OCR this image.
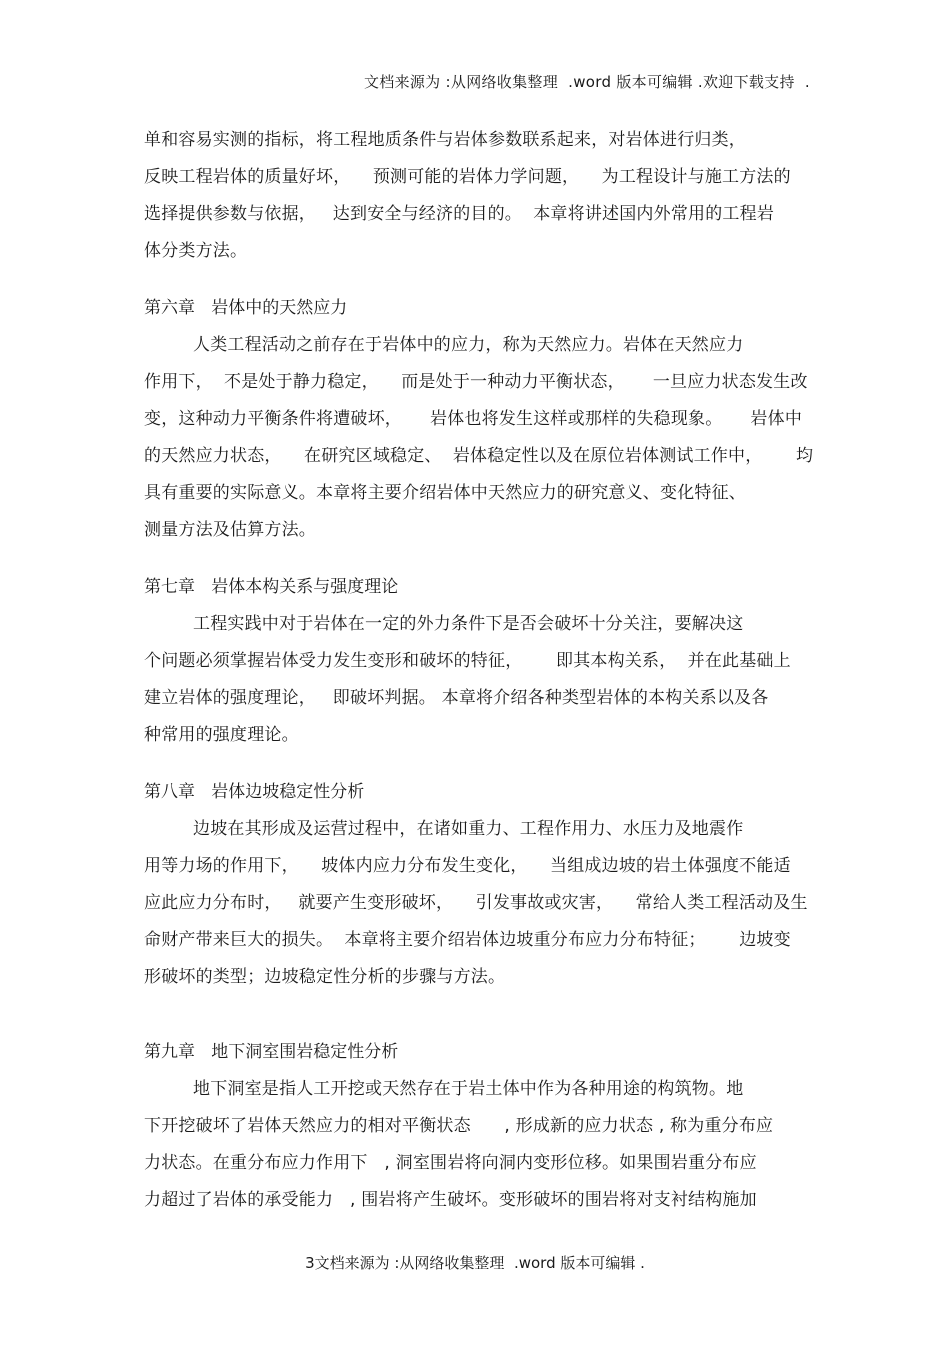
文档来源为 :从网络收集整理  .word 版本可编辑 .欢迎下载支持  .
单和容易实测的指标，将工程地质条件与岩体参数联系起来，对岩体进行归类，
反映工程岩体的质量好坏，    预测可能的岩体力学问题，    为工程设计与施工方法的
选择提供参数与依据，   达到安全与经济的目的。  本章将讲述国内外常用的工程岩
体分类方法。
第六章   岩体中的天然应力
人类工程活动之前存在于岩体中的应力，称为天然应力。岩体在天然应力
作用下，  不是处于静力稳定，    而是处于一种动力平衡状态，     一旦应力状态发生改
变，这种动力平衡条件将遭破坏，     岩体也将发生这样或那样的失稳现象。     岩体中
的天然应力状态，    在研究区域稳定、  岩体稳定性以及在原位岩体测试工作中，      均
具有重要的实际意义。本章将主要介绍岩体中天然应力的研究意义、变化特征、
测量方法及估算方法。
第七章   岩体本构关系与强度理论
工程实践中对于岩体在一定的外力条件下是否会破坏十分关注，要解决这
个问题必须掌握岩体受力发生变形和破坏的特征，      即其本构关系，  并在此基础上
建立岩体的强度理论，   即破坏判据。 本章将介绍各种类型岩体的本构关系以及各
种常用的强度理论。
第八章   岩体边坡稳定性分析
边坡在其形成及运营过程中，在诸如重力、工程作用力、水压力及地震作
用等力场的作用下，    坡体内应力分布发生变化，    当组成边坡的岩土体强度不能适
应此应力分布时，   就要产生变形破坏，    引发事故或灾害，    常给人类工程活动及生
命财产带来巨大的损失。  本章将主要介绍岩体边坡重分布应力分布特征；      边坡变
形破坏的类型；边坡稳定性分析的步骤与方法。
第九章   地下洞室围岩稳定性分析
地下洞室是指人工开挖或天然存在于岩土体中作为各种用途的构筑物。地
下开挖破坏了岩体天然应力的相对平衡状态      , 形成新的应力状态 , 称为重分布应
力状态。在重分布应力作用下   , 洞室围岩将向洞内变形位移。如果围岩重分布应
力超过了岩体的承受能力   , 围岩将产生破坏。变形破坏的围岩将对支衬结构施加
3文档来源为 :从网络收集整理  .word 版本可编辑 .
